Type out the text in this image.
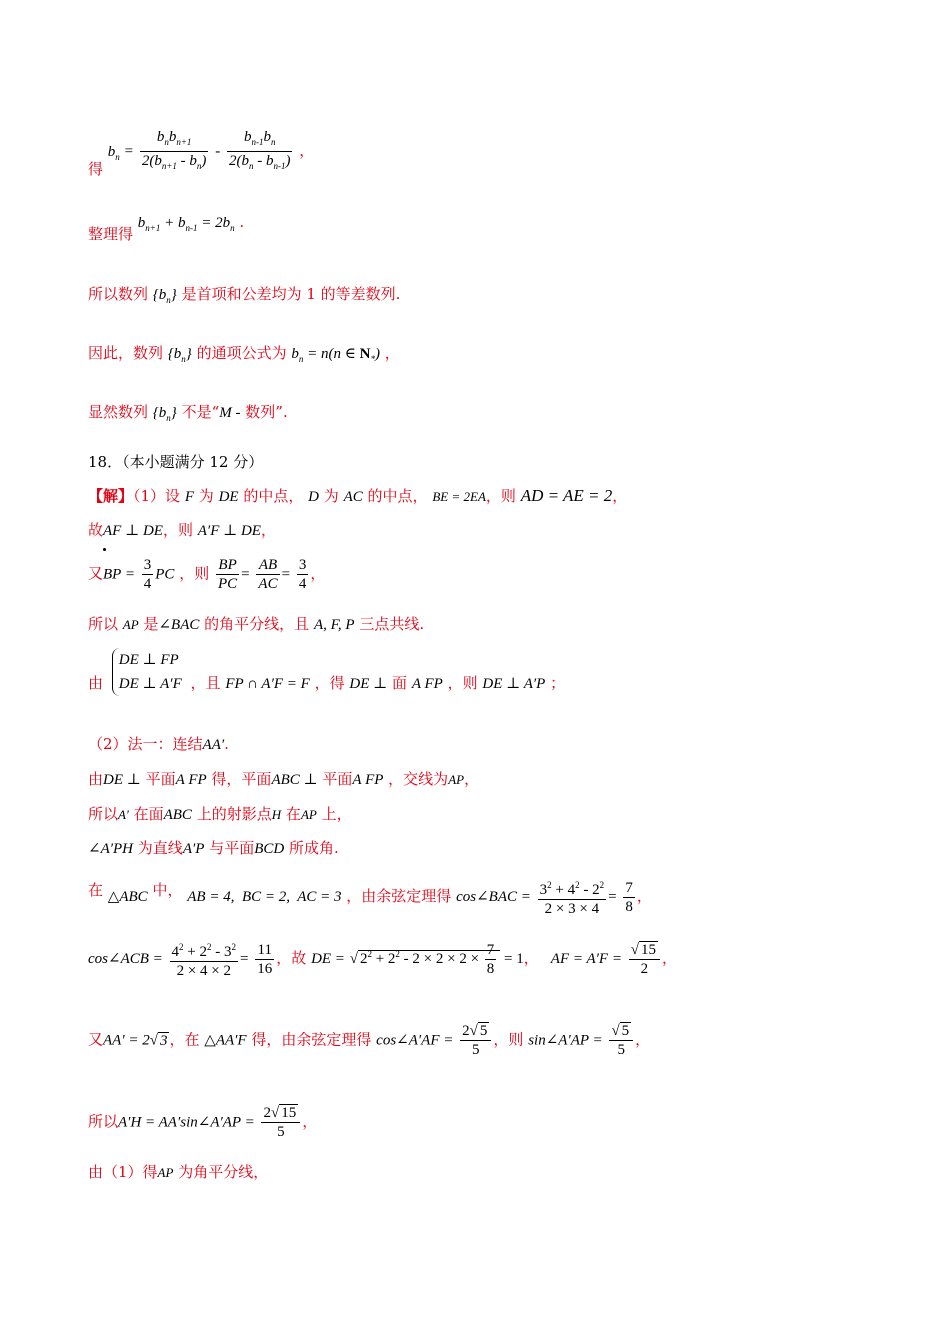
得 $b_n = \frac{b_nb_{n+1}}{2(b_{n+1} - b_n)} - \frac{b_{n-1}b_n}{2(b_n - b_{n-1})}$ ，
整理得 $b_{n+1} + b_{n-1} = 2b_n$ .
所以数列 $\{b_n\}$ 是首项和公差均为 1 的等差数列.
因此，数列 $\{b_n\}$ 的通项公式为 $b_n = n(n$ ∈ $N_*$) ，
显然数列 $\{b_n\}$ 不是“M - 数列”.
18．（本小题满分 12 分）
【解】（1）设 F 为 DE 的中点， D 为 AC 的中点， BE = 2EA，则 AD = AE = 2，
故AF ⊥ DE，则 A′F ⊥ DE，
又BP = $\frac{3}{4}$ PC ，则 $\frac{BP}{PC} = \frac{AB}{AC} = \frac{3}{4}$ ，
所以 AP 是∠BAC 的角平分线，且 A, F, P 三点共线.
由
DE ⊥ FP
DE ⊥ A′F ，且 FP ∩ A′F = F ，得 DE ⊥ 面 A FP ，则 DE ⊥ A′P ；
（2）法一：连结AA′.
由DE ⊥ 平面A FP 得，平面ABC ⊥ 平面A FP ，交线为AP，
所以A′ 在面ABC 上的射影点H 在AP 上，
∠A′PH 为直线A′P 与平面BCD 所成角.
在 △ABC 中， AB = 4,  BC = 2,  AC = 3 ，由余弦定理得 cos∠BAC = $\frac{3^2 + 4^2 - 2^2}{2 \times 3 \times 4} = \frac{7}{8}$ ，
cos∠ACB = $\frac{4^2 + 2^2 - 3^2}{2 \times 4 \times 2} = \frac{11}{16}$ ，故 DE = √ $2^2 + 2^2 - 2 \times 2 \times 2 \times \frac{7}{8} = 1$，   AF = $A'F = \frac{√ 15}{2}$ ，
又AA′ = 2√ 3 ，在 △AA′F 得，由余弦定理得 cos∠A′AF = $\frac{2√ 5}{5}$ ，则 sin∠A′AP = $\frac{√ 5}{5}$ ，
所以A′H = AA′sin∠A′AP = $\frac{2√ 15}{5}$ ，
由（1）得AP 为角平分线，
